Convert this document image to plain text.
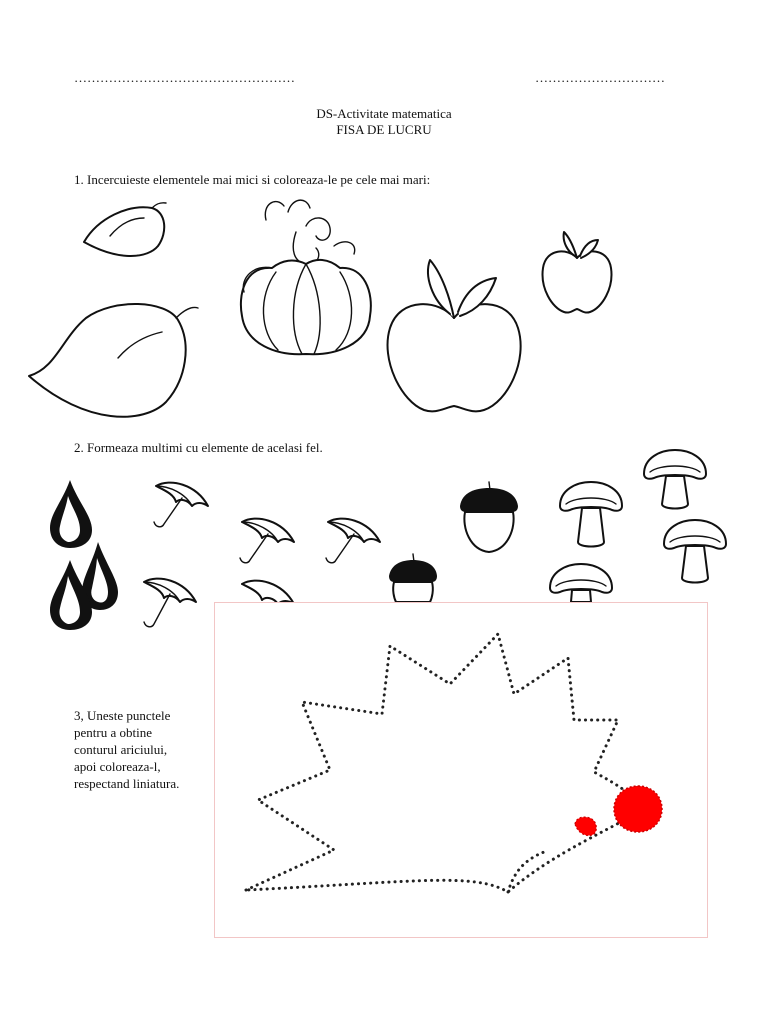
……………………………………………	…………………………
DS-Activitate matematica
FISA DE LUCRU
1. Incercuieste elementele mai mici si coloreaza-le pe cele mai mari:
2. Formeaza multimi cu elemente de acelasi fel.
3, Uneste punctele
pentru a obtine
conturul ariciului,
apoi coloreaza-l,
respectand liniatura.
